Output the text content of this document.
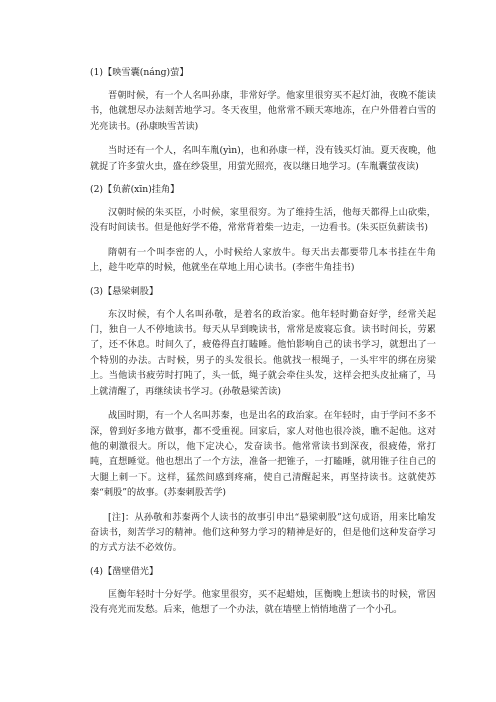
(1)【映雪囊(náng)萤】

晋朝时候，有一个人名叫孙康，非常好学。他家里很穷买不起灯油，夜晚不能读书，他就想尽办法刻苦地学习。冬天夜里，他常常不顾天寒地冻，在户外借着白雪的光亮读书。(孙康映雪苦读)

当时还有一个人，名叫车胤(yìn)，也和孙康一样，没有钱买灯油。夏天夜晚，他就捉了许多萤火虫，盛在纱袋里，用萤光照亮，夜以继日地学习。(车胤囊萤夜读)

(2)【负薪(xīn)挂角】

汉朝时候的朱买臣，小时候，家里很穷。为了维持生活，他每天都得上山砍柴，没有时间读书。但是他好学不倦，常常背着柴一边走，一边看书。(朱买臣负薪读书)

隋朝有一个叫李密的人，小时候给人家放牛。每天出去都要带几本书挂在牛角上，趁牛吃草的时候，他就坐在草地上用心读书。(李密牛角挂书)

(3)【悬梁刺股】

东汉时候，有个人名叫孙敬，是着名的政治家。他年轻时勤奋好学，经常关起门，独自一人不停地读书。每天从早到晚读书，常常是废寝忘食。读书时间长，劳累了，还不休息。时间久了，疲倦得直打瞌睡。他怕影响自己的读书学习，就想出了一个特别的办法。古时候，男子的头发很长。他就找一根绳子，一头牢牢的绑在房梁上。当他读书疲劳时打盹了，头一低，绳子就会牵住头发，这样会把头皮扯痛了，马上就清醒了，再继续读书学习。(孙敬悬梁苦读)

战国时期，有一个人名叫苏秦，也是出名的政治家。在年轻时，由于学问不多不深，曾到好多地方做事，都不受重视。回家后，家人对他也很冷淡，瞧不起他。这对他的刺激很大。所以，他下定决心，发奋读书。他常常读书到深夜，很疲倦，常打盹，直想睡觉。他也想出了一个方法，准备一把锥子，一打瞌睡，就用锥子往自己的大腿上刺一下。这样，猛然间感到疼痛，使自己清醒起来，再坚持读书。这就使苏秦“刺股”的故事。(苏秦刺股苦学)

[注]：从孙敬和苏秦两个人读书的故事引申出“悬梁刺股”这句成语，用来比喻发奋读书，刻苦学习的精神。他们这种努力学习的精神是好的，但是他们这种发奋学习的方式方法不必效仿。

(4)【凿壁借光】

匡衡年轻时十分好学。他家里很穷，买不起蜡烛，匡衡晚上想读书的时候，常因没有亮光而发愁。后来，他想了一个办法，就在墙壁上悄悄地凿了一个小孔。
